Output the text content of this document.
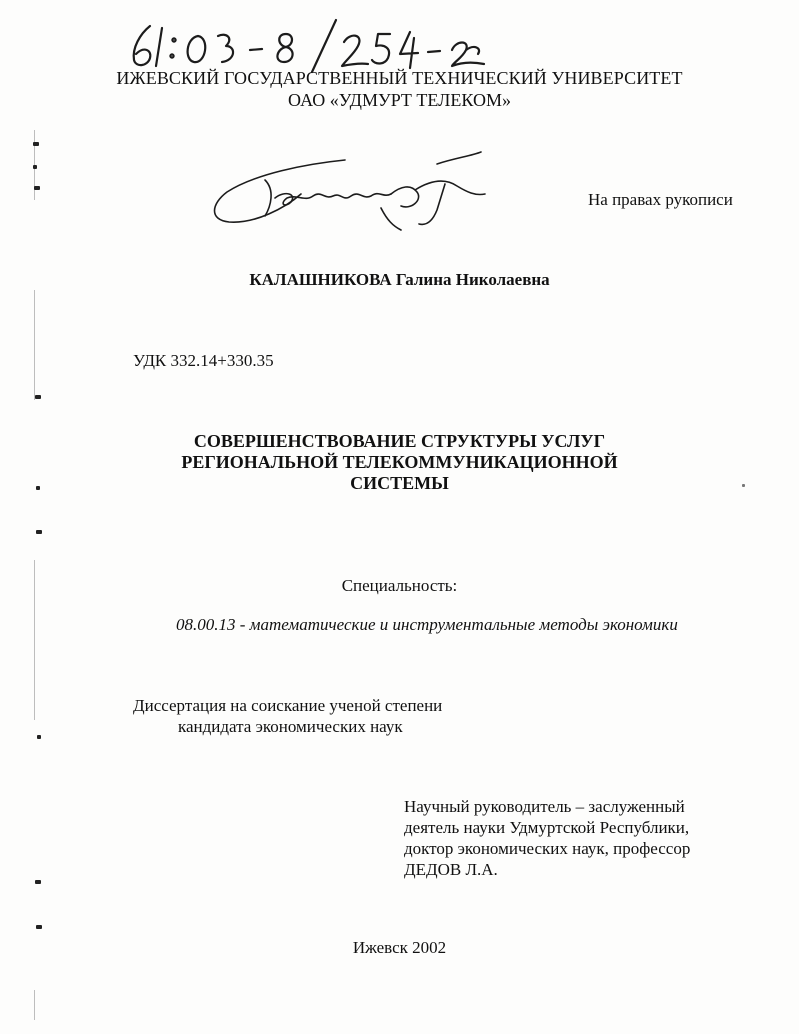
ИЖЕВСКИЙ ГОСУДАРСТВЕННЫЙ ТЕХНИЧЕСКИЙ УНИВЕРСИТЕТ
ОАО «УДМУРТ ТЕЛЕКОМ»
На правах рукописи
КАЛАШНИКОВА Галина Николаевна
УДК 332.14+330.35
СОВЕРШЕНСТВОВАНИЕ СТРУКТУРЫ УСЛУГ
РЕГИОНАЛЬНОЙ ТЕЛЕКОММУНИКАЦИОННОЙ
СИСТЕМЫ
Специальность:
08.00.13 - математические и инструментальные методы экономики
Диссертация на соискание ученой степени
кандидата экономических наук
Научный руководитель – заслуженный
деятель науки Удмуртской Республики,
доктор экономических наук, профессор
ДЕДОВ Л.А.
Ижевск 2002
